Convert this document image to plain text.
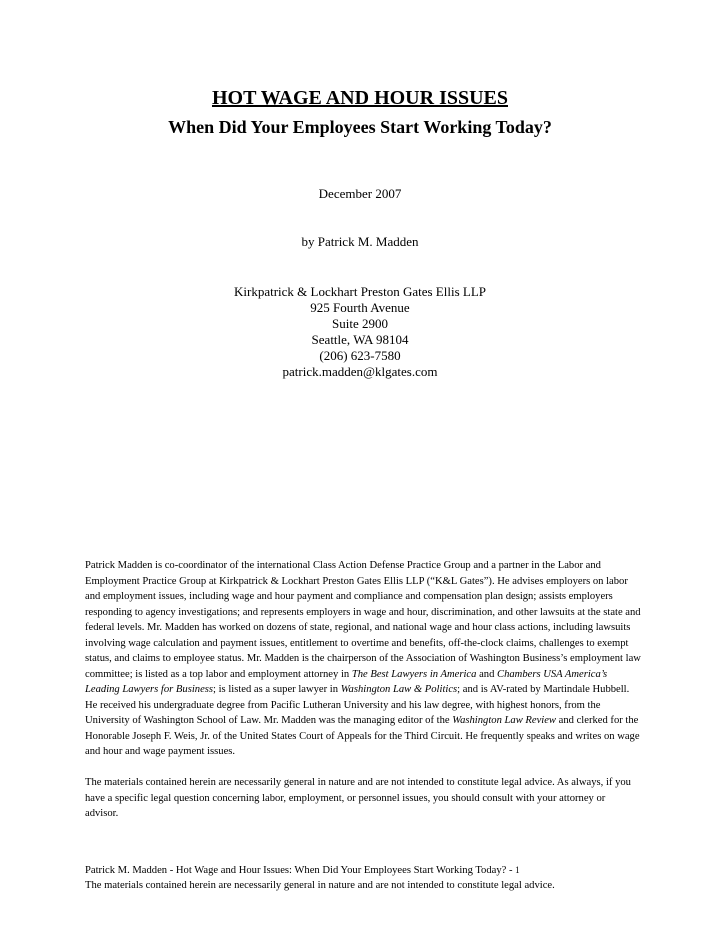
HOT WAGE AND HOUR ISSUES
When Did Your Employees Start Working Today?
December 2007
by Patrick M. Madden
Kirkpatrick & Lockhart Preston Gates Ellis LLP
925 Fourth Avenue
Suite 2900
Seattle, WA 98104
(206) 623-7580
patrick.madden@klgates.com

Patrick Madden is co-coordinator of the international Class Action Defense Practice Group and a partner in the Labor and Employment Practice Group at Kirkpatrick & Lockhart Preston Gates Ellis LLP (“K&L Gates”). He advises employers on labor and employment issues, including wage and hour payment and compliance and compensation plan design; assists employers responding to agency investigations; and represents employers in wage and hour, discrimination, and other lawsuits at the state and federal levels. Mr. Madden has worked on dozens of state, regional, and national wage and hour class actions, including lawsuits involving wage calculation and payment issues, entitlement to overtime and benefits, off-the-clock claims, challenges to exempt status, and claims to employee status. Mr. Madden is the chairperson of the Association of Washington Business’s employment law committee; is listed as a top labor and employment attorney in The Best Lawyers in America and Chambers USA America’s Leading Lawyers for Business; is listed as a super lawyer in Washington Law & Politics; and is AV-rated by Martindale Hubbell. He received his undergraduate degree from Pacific Lutheran University and his law degree, with highest honors, from the University of Washington School of Law. Mr. Madden was the managing editor of the Washington Law Review and clerked for the Honorable Joseph F. Weis, Jr. of the United States Court of Appeals for the Third Circuit. He frequently speaks and writes on wage and hour and wage payment issues.

The materials contained herein are necessarily general in nature and are not intended to constitute legal advice. As always, if you have a specific legal question concerning labor, employment, or personnel issues, you should consult with your attorney or advisor.

Patrick M. Madden - Hot Wage and Hour Issues: When Did Your Employees Start Working Today? - 1
The materials contained herein are necessarily general in nature and are not intended to constitute legal advice.
